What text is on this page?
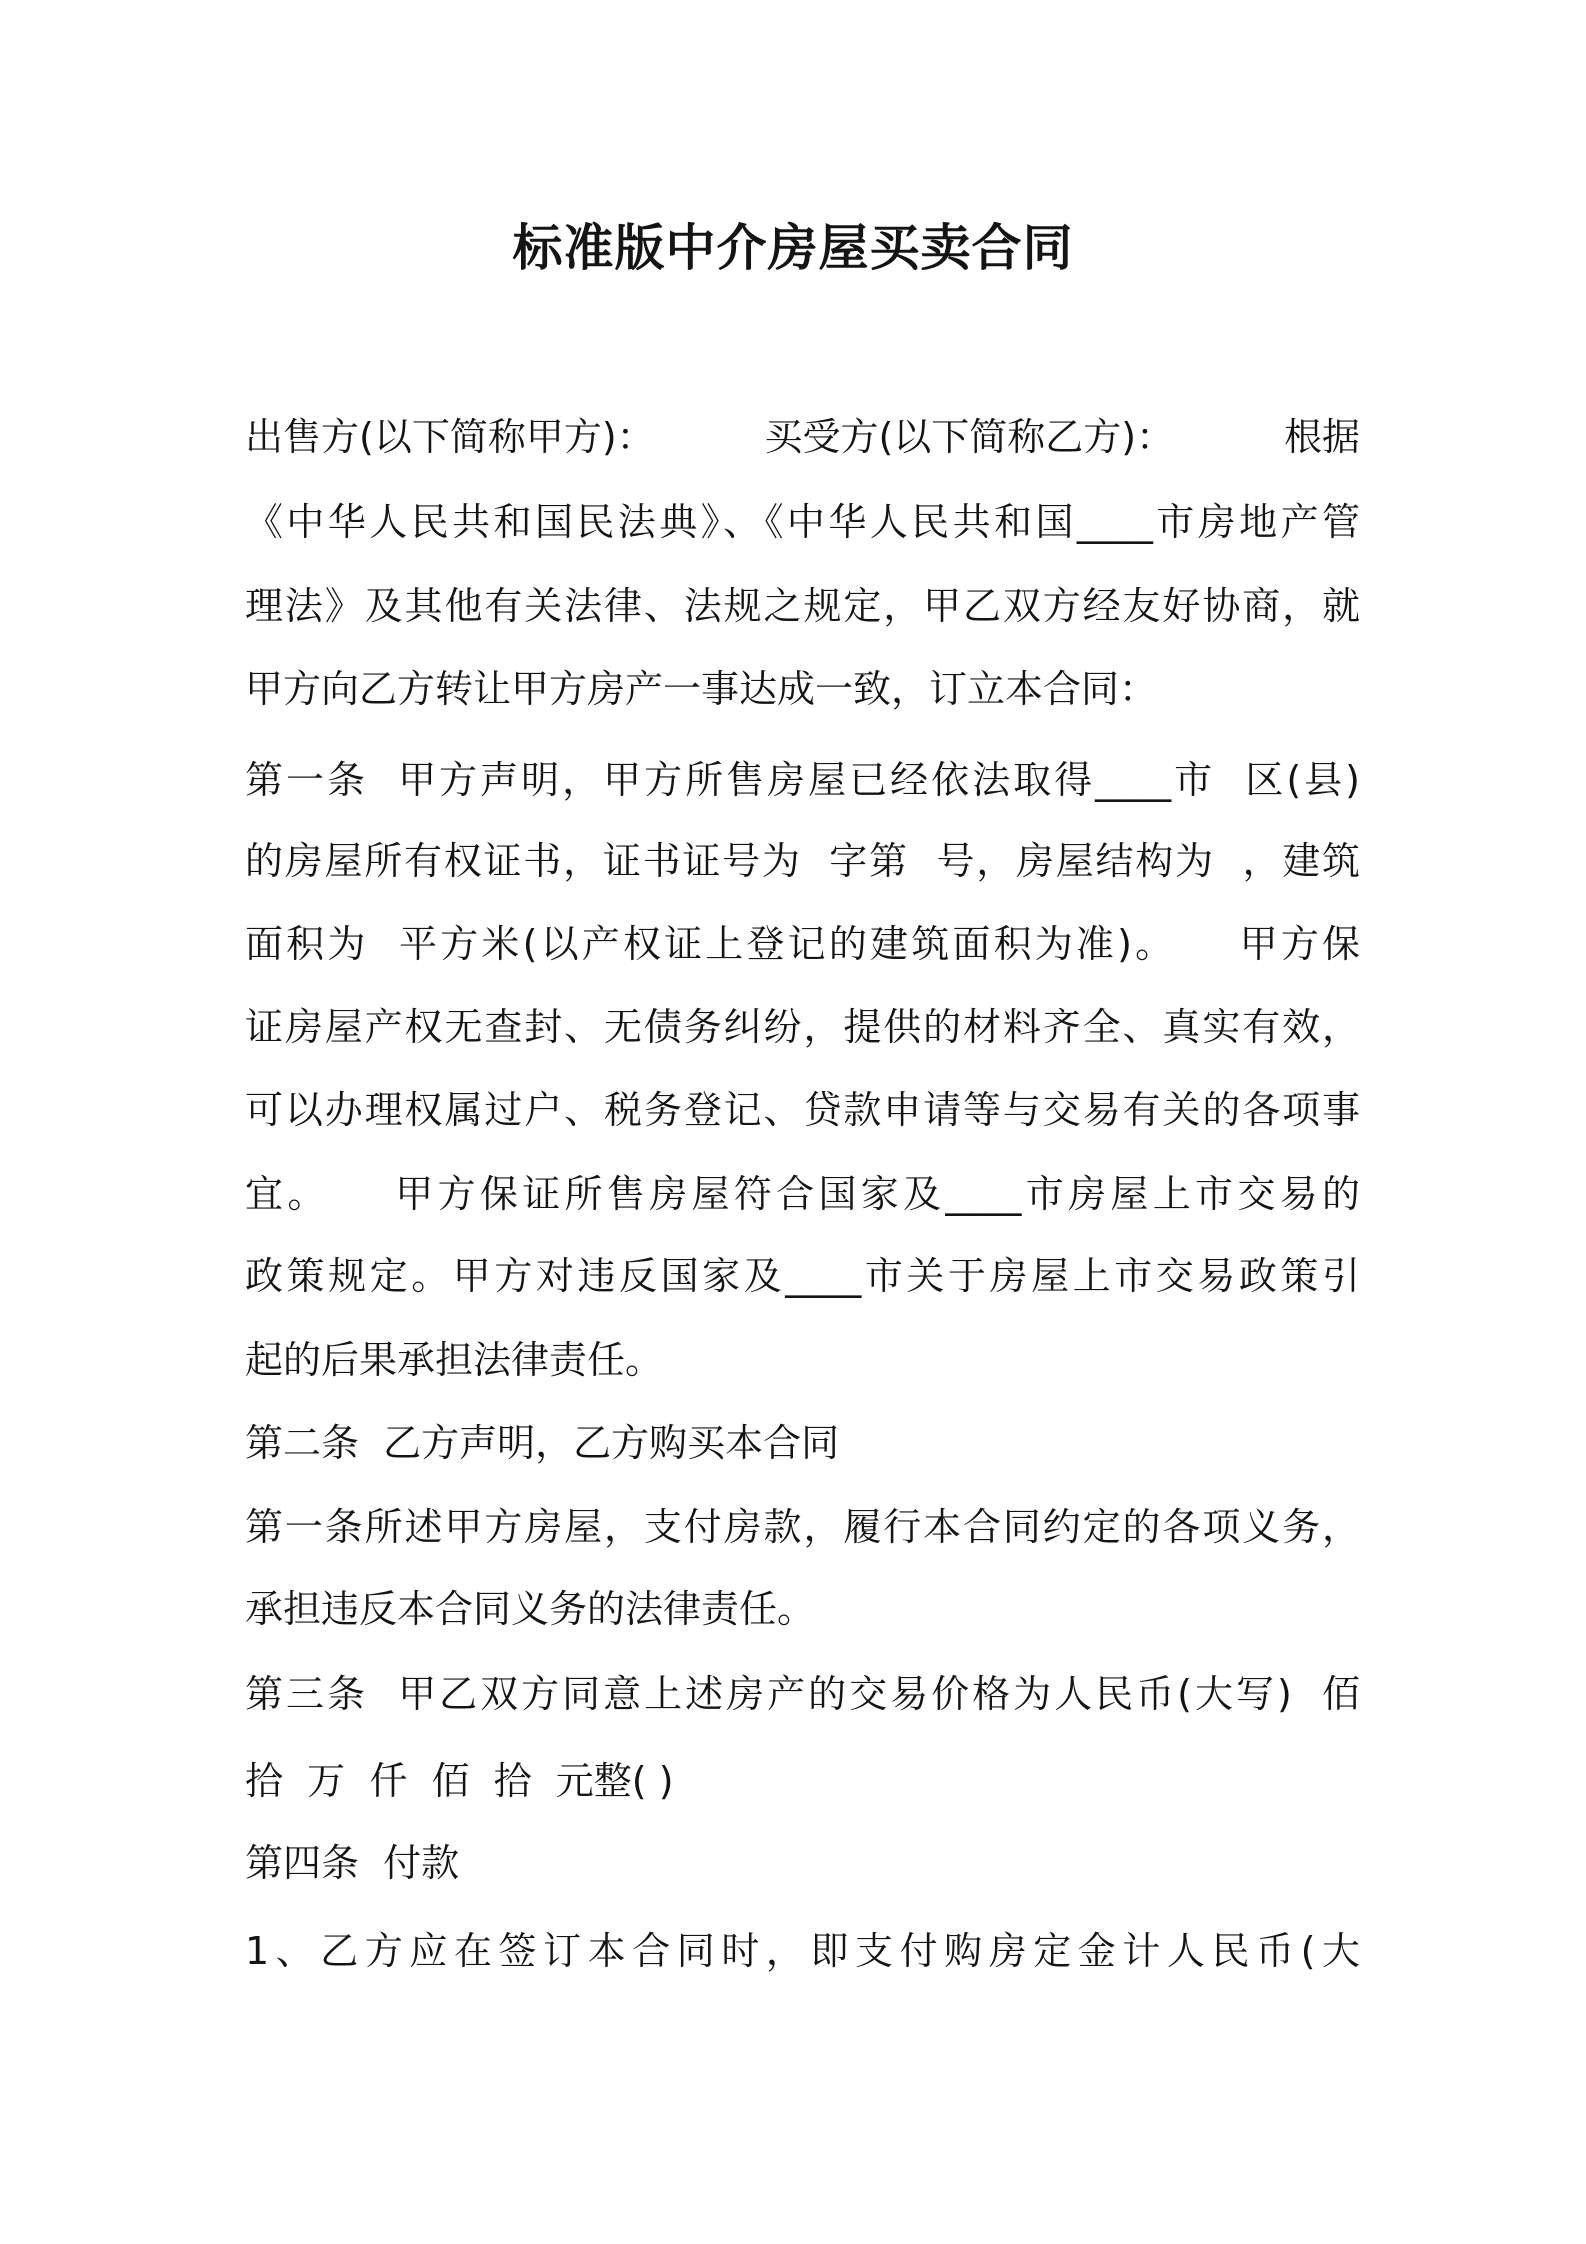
标准版中介房屋买卖合同
出售方(以下简称甲方)：	买受方(以下简称乙方)：	根据
《中华人民共和国民法典》、《中华人民共和国____市房地产管
理法》及其他有关法律、法规之规定，甲乙双方经友好协商，就
甲方向乙方转让甲方房产一事达成一致，订立本合同：
第一条  甲方声明，甲方所售房屋已经依法取得____市  区(县)
的房屋所有权证书，证书证号为  字第  号，房屋结构为  ，建筑
面积为  平方米(以产权证上登记的建筑面积为准)。　　甲方保
证房屋产权无查封、无债务纠纷，提供的材料齐全、真实有效，
可以办理权属过户、税务登记、贷款申请等与交易有关的各项事
宜。　　甲方保证所售房屋符合国家及____市房屋上市交易的
政策规定。甲方对违反国家及____市关于房屋上市交易政策引
起的后果承担法律责任。
第二条  乙方声明，乙方购买本合同
第一条所述甲方房屋，支付房款，履行本合同约定的各项义务，
承担违反本合同义务的法律责任。
第三条  甲乙双方同意上述房产的交易价格为人民币(大写)  佰
拾  万  仟  佰  拾  元整( )
第四条  付款
1、乙方应在签订本合同时，即支付购房定金计人民币(大
